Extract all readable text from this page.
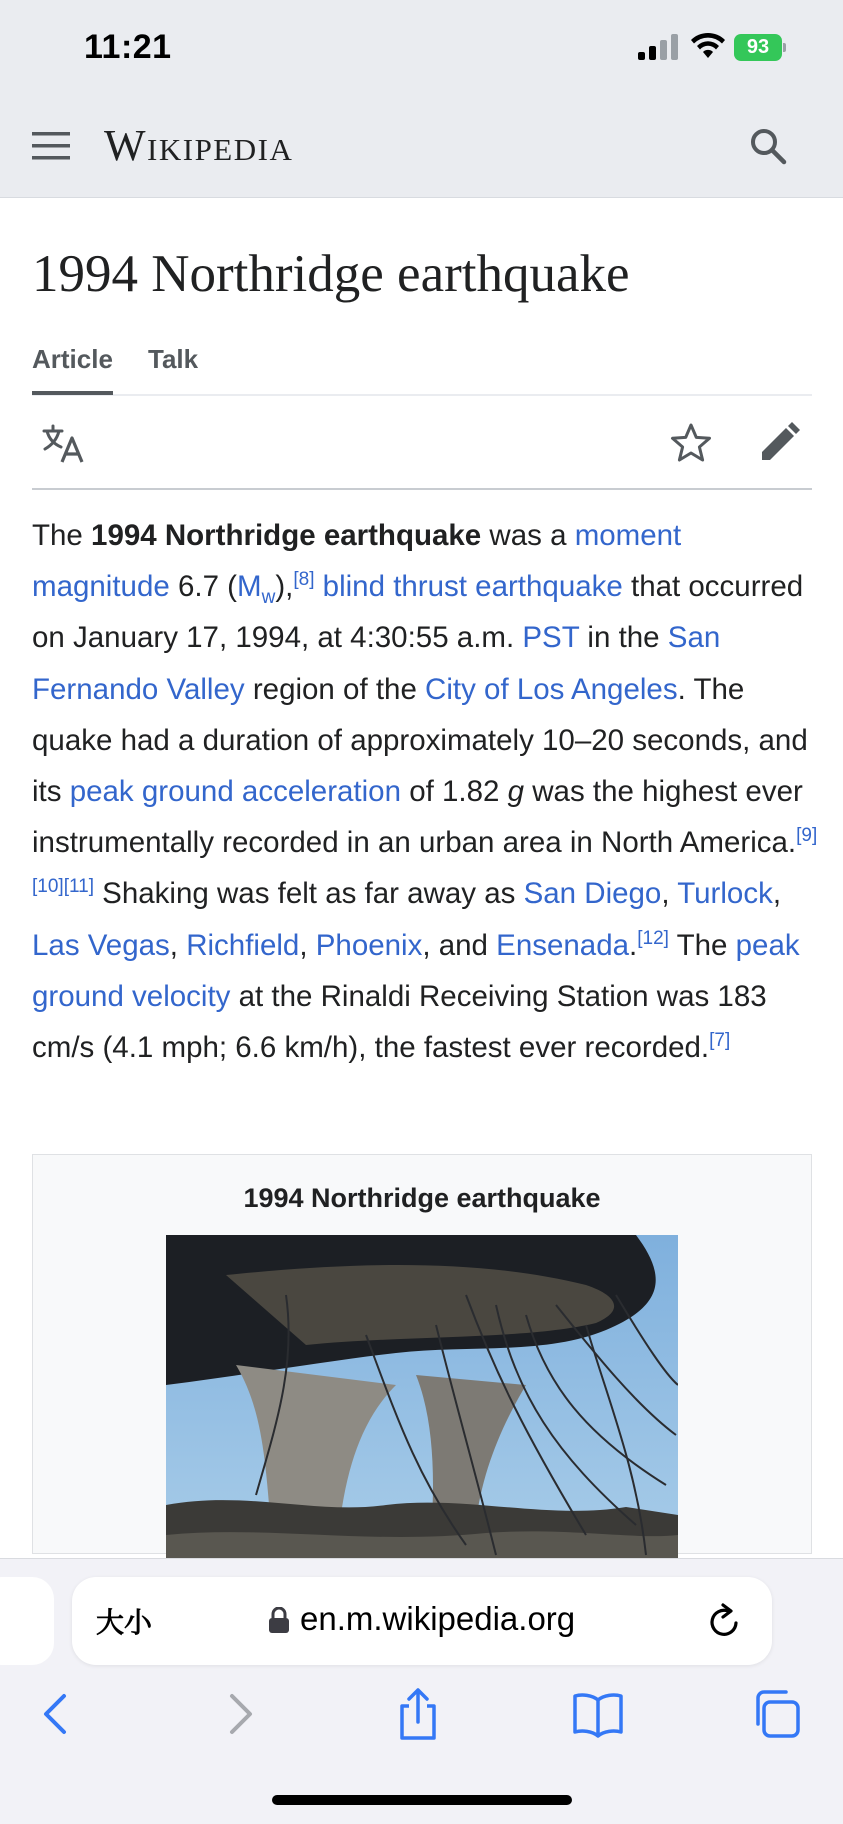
11:21	93
Wikipedia
1994 Northridge earthquake
Article Talk

The 1994 Northridge earthquake was a moment magnitude 6.7 $(M_w),[8]$ blind thrust earthquake that occurred on January 17, 1994, at 4:30:55 a.m. PST in the San Fernando Valley region of the City of Los Angeles. The quake had a duration of approximately 10–20 seconds, and its peak ground acceleration of 1.82 g was the highest ever instrumentally recorded in an urban area in North America.[9][10][11] Shaking was felt as far away as San Diego, Turlock, Las Vegas, Richfield, Phoenix, and Ensenada.[12] The peak ground velocity at the Rinaldi Receiving Station was 183 cm/s (4.1 mph; 6.6 km/h), the fastest ever recorded.[7]

1994 Northridge earthquake
大小	en.m.wikipedia.org
